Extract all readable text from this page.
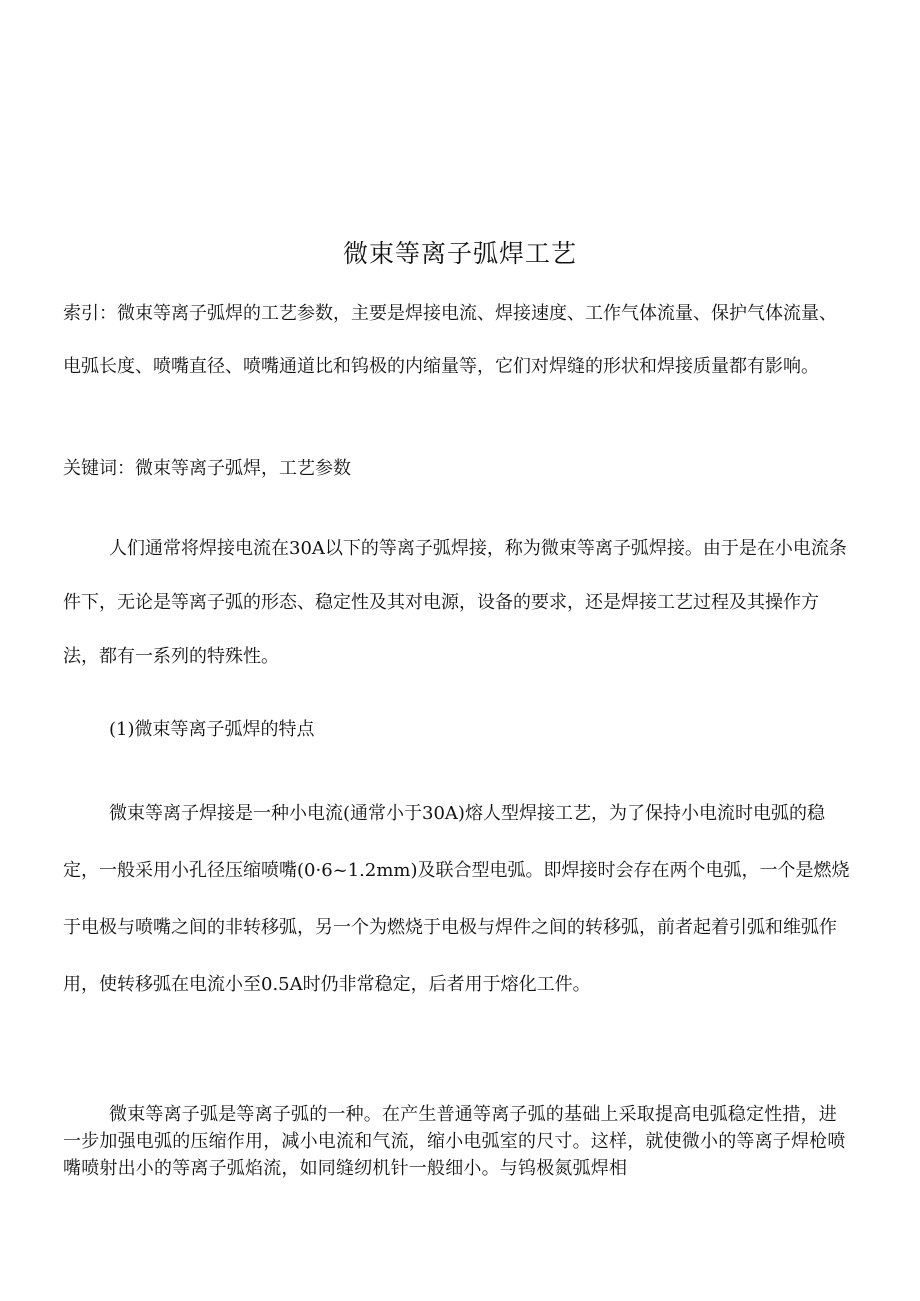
微束等离子弧焊工艺
索引：微束等离子弧焊的工艺参数，主要是焊接电流、焊接速度、工作气体流量、保护气体流量、电弧长度、喷嘴直径、喷嘴通道比和钨极的内缩量等，它们对焊缝的形状和焊接质量都有影响。
关键词：微束等离子弧焊，工艺参数
人们通常将焊接电流在30A以下的等离子弧焊接，称为微束等离子弧焊接。由于是在小电流条件下，无论是等离子弧的形态、稳定性及其对电源，设备的要求，还是焊接工艺过程及其操作方法，都有一系列的特殊性。
(1)微束等离子弧焊的特点
微束等离子焊接是一种小电流(通常小于30A)熔人型焊接工艺，为了保持小电流时电弧的稳定，一般采用小孔径压缩喷嘴(0·6~1.2mm)及联合型电弧。即焊接时会存在两个电弧，一个是燃烧于电极与喷嘴之间的非转移弧，另一个为燃烧于电极与焊件之间的转移弧，前者起着引弧和维弧作用，使转移弧在电流小至0.5A时仍非常稳定，后者用于熔化工件。
微束等离子弧是等离子弧的一种。在产生普通等离子弧的基础上采取提高电弧稳定性措，进一步加强电弧的压缩作用，减小电流和气流，缩小电弧室的尺寸。这样，就使微小的等离子焊枪喷嘴喷射出小的等离子弧焰流，如同缝纫机针一般细小。与钨极氮弧焊相
